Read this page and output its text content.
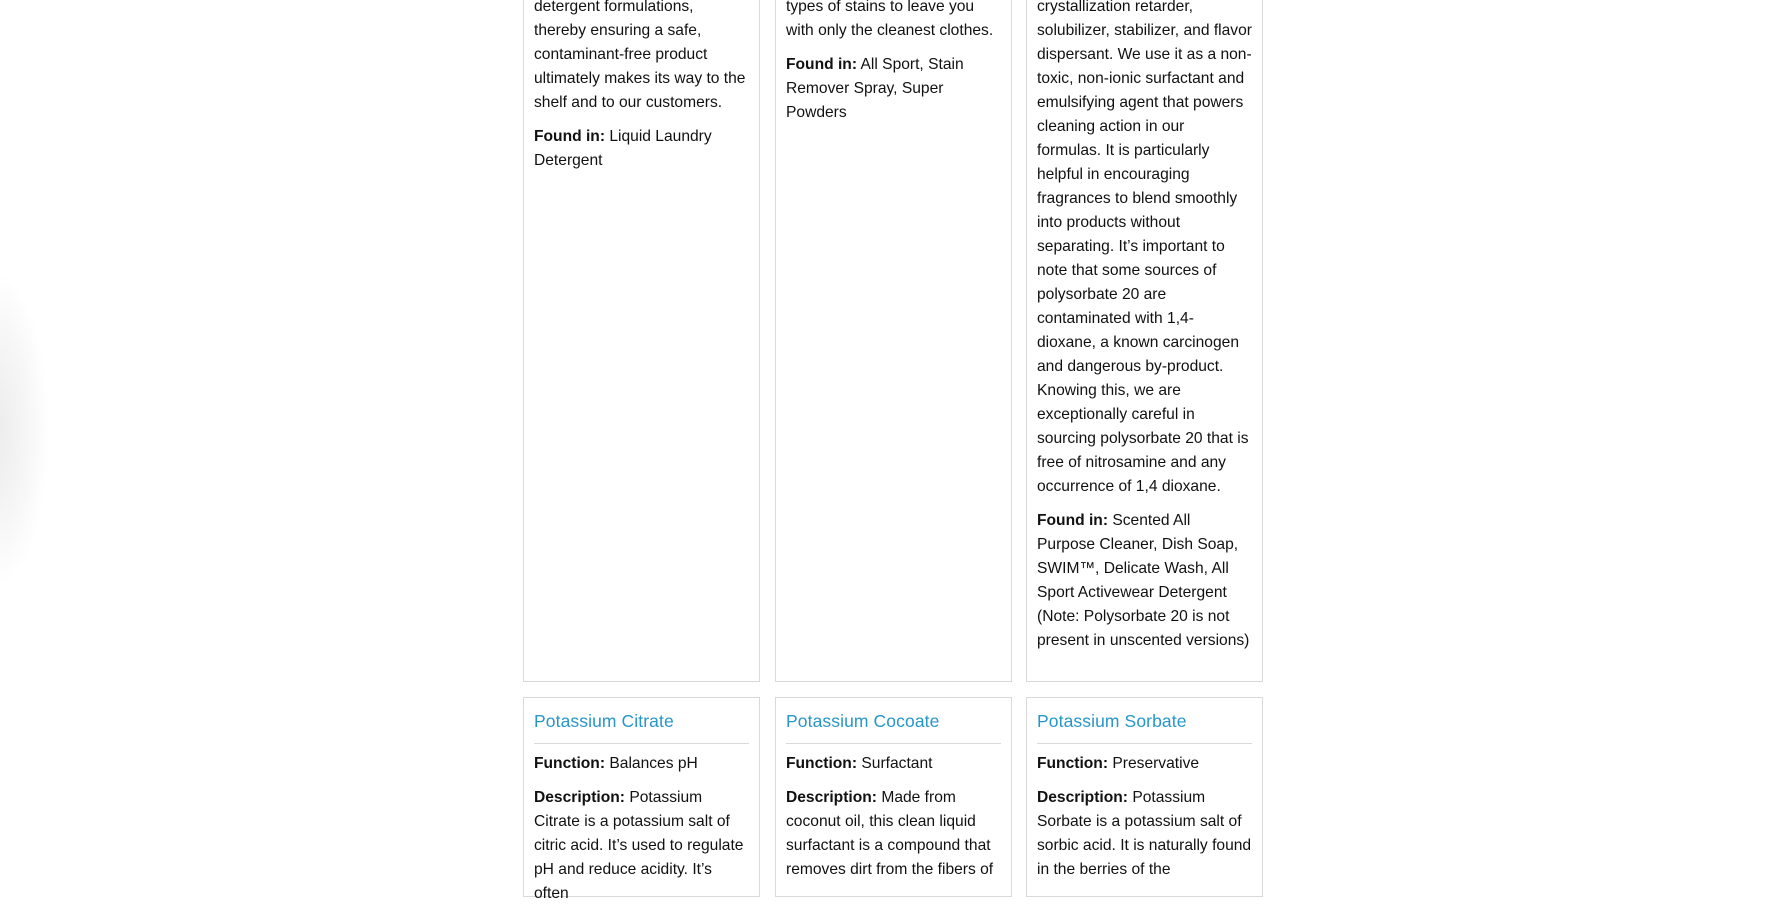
detergent formulations, thereby ensuring a safe, contaminant-free product ultimately makes its way to the shelf and to our customers.

Found in: Liquid Laundry Detergent

types of stains to leave you with only the cleanest clothes.

Found in: All Sport, Stain Remover Spray, Super Powders

crystallization retarder, solubilizer, stabilizer, and flavor dispersant. We use it as a non-toxic, non-ionic surfactant and emulsifying agent that powers cleaning action in our formulas. It is particularly helpful in encouraging fragrances to blend smoothly into products without separating. It’s important to note that some sources of polysorbate 20 are contaminated with 1,4-dioxane, a known carcinogen and dangerous by-product. Knowing this, we are exceptionally careful in sourcing polysorbate 20 that is free of nitrosamine and any occurrence of 1,4 dioxane.

Found in: Scented All Purpose Cleaner, Dish Soap, SWIM™, Delicate Wash, All Sport Activewear Detergent (Note: Polysorbate 20 is not present in unscented versions)

Potassium Citrate

Function: Balances pH

Description: Potassium Citrate is a potassium salt of citric acid. It’s used to regulate pH and reduce acidity. It’s often

Potassium Cocoate

Function: Surfactant

Description: Made from coconut oil, this clean liquid surfactant is a compound that removes dirt from the fibers of

Potassium Sorbate

Function: Preservative

Description: Potassium Sorbate is a potassium salt of sorbic acid. It is naturally found in the berries of the
